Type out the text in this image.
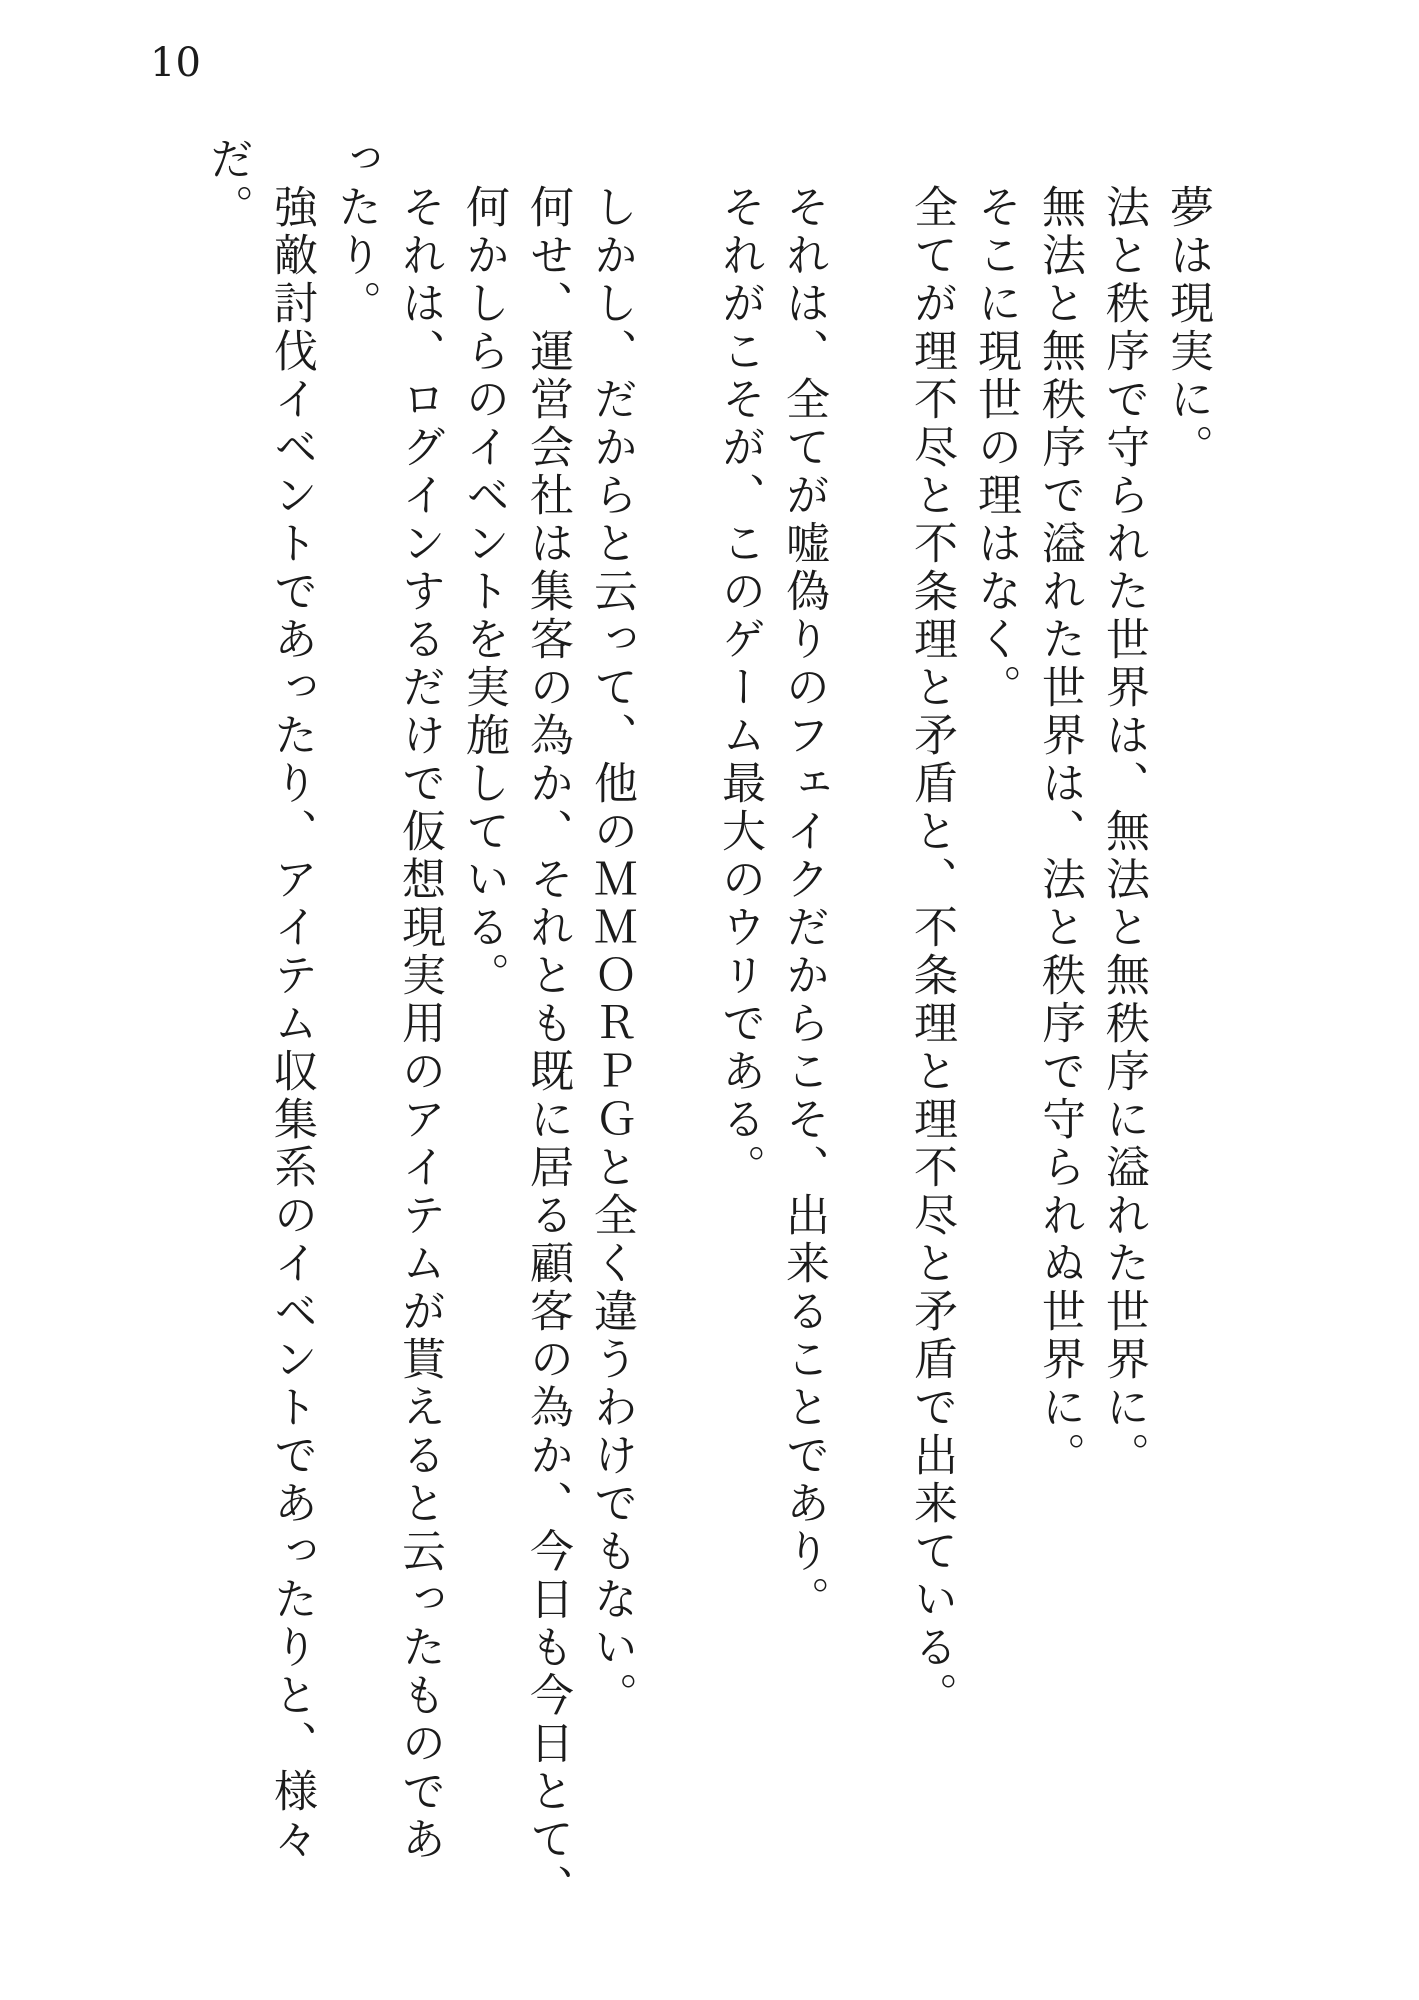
10

夢は現実に。

法と秩序で守られた世界は、無法と無秩序に溢れた世界に。

無法と無秩序で溢れた世界は、法と秩序で守られぬ世界に。

そこに現世の理はなく。

全てが理不尽と不条理と矛盾と、不条理と理不尽と矛盾で出来ている。

それは、全てが嘘偽りのフェイクだからこそ、出来ることであり。

それがこそが、このゲーム最大のウリである。

しかし、だからと云って、他のＭＭＯＲＰＧと全く違うわけでもない。

何せ、運営会社は集客の為か、それとも既に居る顧客の為か、今日も今日とて、

何かしらのイベントを実施している。

それは、ログインするだけで仮想現実用のアイテムが貰えると云ったものであ

ったり。

強敵討伐イベントであったり、アイテム収集系のイベントであったりと、様々

だ。
